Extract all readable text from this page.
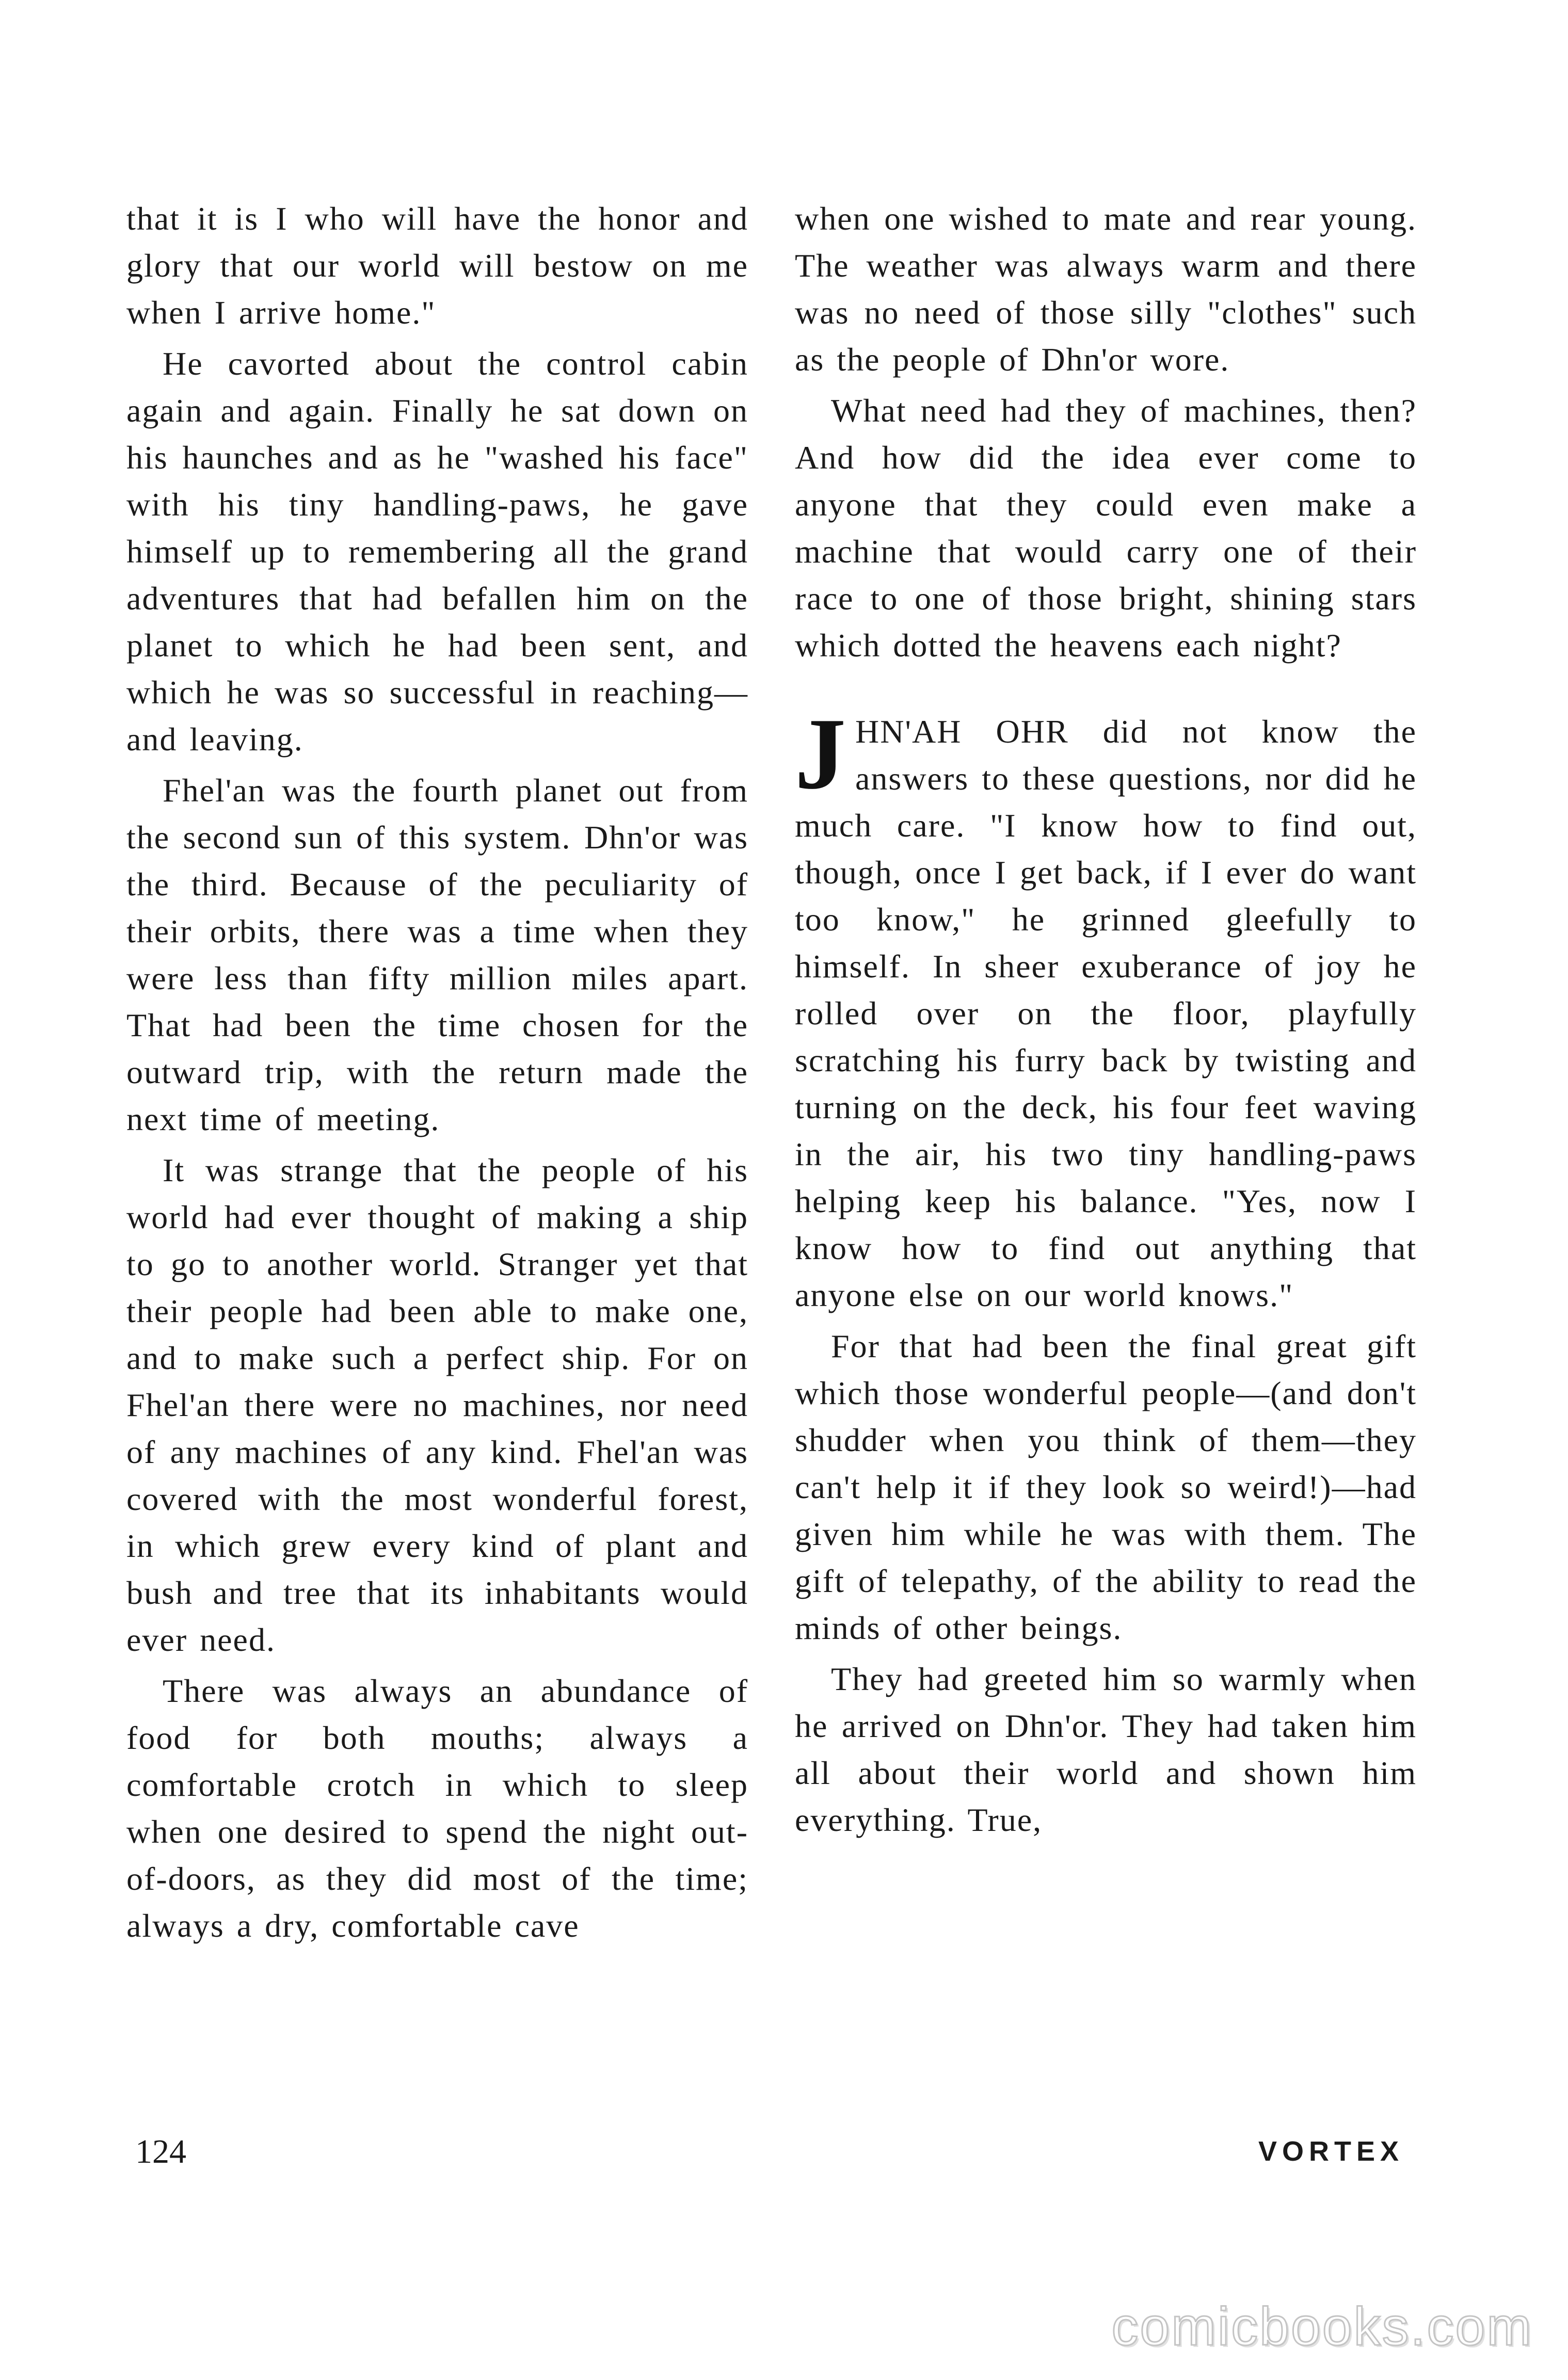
that it is I who will have the honor and glory that our world will bestow on me when I arrive home."

He cavorted about the control cabin again and again. Finally he sat down on his haunches and as he "washed his face" with his tiny handling-paws, he gave himself up to remembering all the grand adventures that had befallen him on the planet to which he had been sent, and which he was so successful in reaching—and leaving.

Fhel'an was the fourth planet out from the second sun of this system. Dhn'or was the third. Because of the peculiarity of their orbits, there was a time when they were less than fifty million miles apart. That had been the time chosen for the outward trip, with the return made the next time of meeting.

It was strange that the people of his world had ever thought of making a ship to go to another world. Stranger yet that their people had been able to make one, and to make such a perfect ship. For on Fhel'an there were no machines, nor need of any machines of any kind. Fhel'an was covered with the most wonderful forest, in which grew every kind of plant and bush and tree that its inhabitants would ever need.

There was always an abundance of food for both mouths; always a comfortable crotch in which to sleep when one desired to spend the night out-of-doors, as they did most of the time; always a dry, comfortable cave

when one wished to mate and rear young. The weather was always warm and there was no need of those silly "clothes" such as the people of Dhn'or wore.

What need had they of machines, then? And how did the idea ever come to anyone that they could even make a machine that would carry one of their race to one of those bright, shining stars which dotted the heavens each night?

JHN'AH OHR did not know the answers to these questions, nor did he much care. "I know how to find out, though, once I get back, if I ever do want too know," he grinned gleefully to himself. In sheer exuberance of joy he rolled over on the floor, playfully scratching his furry back by twisting and turning on the deck, his four feet waving in the air, his two tiny handling-paws helping keep his balance. "Yes, now I know how to find out anything that anyone else on our world knows."

For that had been the final great gift which those wonderful people—(and don't shudder when you think of them—they can't help it if they look so weird!)—had given him while he was with them. The gift of telepathy, of the ability to read the minds of other beings.

They had greeted him so warmly when he arrived on Dhn'or. They had taken him all about their world and shown him everything. True,

124	VORTEX
comicbooks.com
